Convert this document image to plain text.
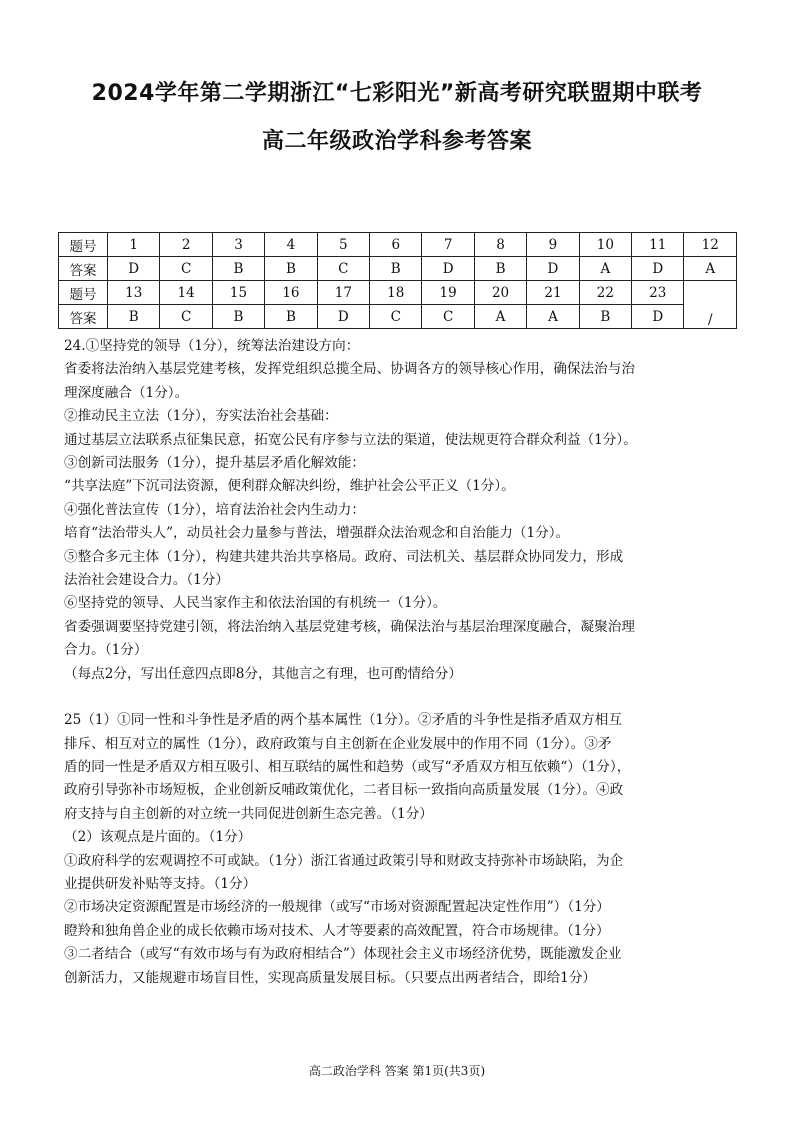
2024学年第二学期浙江“七彩阳光”新高考研究联盟期中联考
高二年级政治学科参考答案
题号	1	2	3	4	5	6	7	8	9	10	11	12
答案	D	C	B	B	C	B	D	B	D	A	D	A
题号	13	14	15	16	17	18	19	20	21	22	23	/
答案	B	C	B	B	D	C	C	A	A	B	D	

24.①坚持党的领导（1分），统筹法治建设方向：

省委将法治纳入基层党建考核，发挥党组织总揽全局、协调各方的领导核心作用，确保法治与治

理深度融合（1分）。

②推动民主立法（1分），夯实法治社会基础：

通过基层立法联系点征集民意，拓宽公民有序参与立法的渠道，使法规更符合群众利益（1分）。

③创新司法服务（1分），提升基层矛盾化解效能：

“共享法庭”下沉司法资源，便利群众解决纠纷，维护社会公平正义（1分）。

④强化普法宣传（1分），培育法治社会内生动力：

培育“法治带头人”，动员社会力量参与普法，增强群众法治观念和自治能力（1分）。

⑤整合多元主体（1分），构建共建共治共享格局。政府、司法机关、基层群众协同发力，形成

法治社会建设合力。（1分）

⑥坚持党的领导、人民当家作主和依法治国的有机统一（1分）。

省委强调要坚持党建引领，将法治纳入基层党建考核，确保法治与基层治理深度融合，凝聚治理

合力。（1分）

（每点2分，写出任意四点即8分，其他言之有理，也可酌情给分）

25（1）①同一性和斗争性是矛盾的两个基本属性（1分）。②矛盾的斗争性是指矛盾双方相互

排斥、相互对立的属性（1分），政府政策与自主创新在企业发展中的作用不同（1分）。③矛

盾的同一性是矛盾双方相互吸引、相互联结的属性和趋势（或写“矛盾双方相互依赖“）（1分），

政府引导弥补市场短板，企业创新反哺政策优化，二者目标一致指向高质量发展（1分）。④政

府支持与自主创新的对立统一共同促进创新生态完善。（1分）

（2）该观点是片面的。（1分）

①政府科学的宏观调控不可或缺。（1分）浙江省通过政策引导和财政支持弥补市场缺陷，为企

业提供研发补贴等支持。（1分）

②市场决定资源配置是市场经济的一般规律（或写“市场对资源配置起决定性作用”）（1分）

瞪羚和独角兽企业的成长依赖市场对技术、人才等要素的高效配置，符合市场规律。（1分）

③二者结合（或写“有效市场与有为政府相结合”）体现社会主义市场经济优势，既能激发企业

创新活力，又能规避市场盲目性，实现高质量发展目标。（只要点出两者结合，即给1分）

高二政治学科 答案 第1页(共3页)
